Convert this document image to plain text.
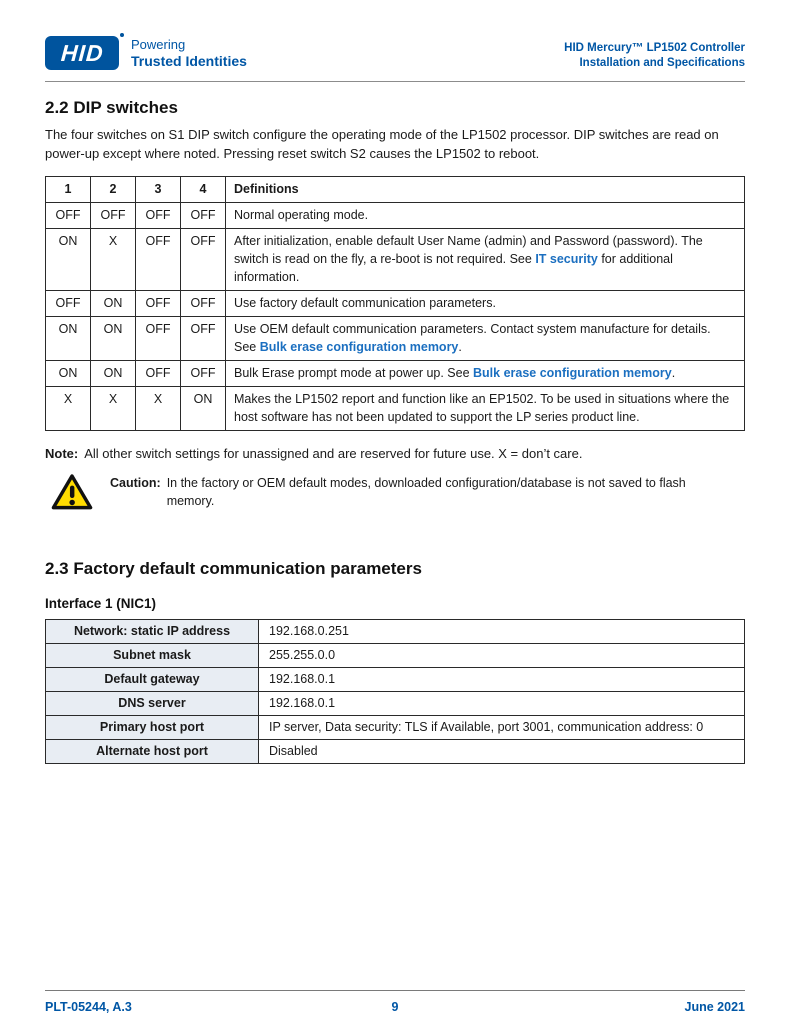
HID Powering
Trusted Identities
HID Mercury™ LP1502 Controller
Installation and Specifications
2.2 DIP switches

The four switches on S1 DIP switch configure the operating mode of the LP1502 processor. DIP switches are read on power-up except where noted. Pressing reset switch S2 causes the LP1502 to reboot.

1	2	3	4	Definitions
OFF	OFF	OFF	OFF	Normal operating mode.
ON	X	OFF	OFF	After initialization, enable default User Name (admin) and Password (password). The switch is read on the fly, a re-boot is not required. See IT security for additional information.
OFF	ON	OFF	OFF	Use factory default communication parameters.
ON	ON	OFF	OFF	Use OEM default communication parameters. Contact system manufacture for details. See Bulk erase configuration memory.
ON	ON	OFF	OFF	Bulk Erase prompt mode at power up. See Bulk erase configuration memory.
X	X	X	ON	Makes the LP1502 report and function like an EP1502. To be used in situations where the host software has not been updated to support the LP series product line.
Note: All other switch settings for unassigned and are reserved for future use. X = don’t care.
Caution: In the factory or OEM default modes, downloaded configuration/database is not saved to flash memory.
2.3 Factory default communication parameters
Interface 1 (NIC1)
Network: static IP address	192.168.0.251
Subnet mask	255.255.0.0
Default gateway	192.168.0.1
DNS server	192.168.0.1
Primary host port	IP server, Data security: TLS if Available, port 3001, communication address: 0
Alternate host port	Disabled
PLT-05244, A.3	9	June 2021
